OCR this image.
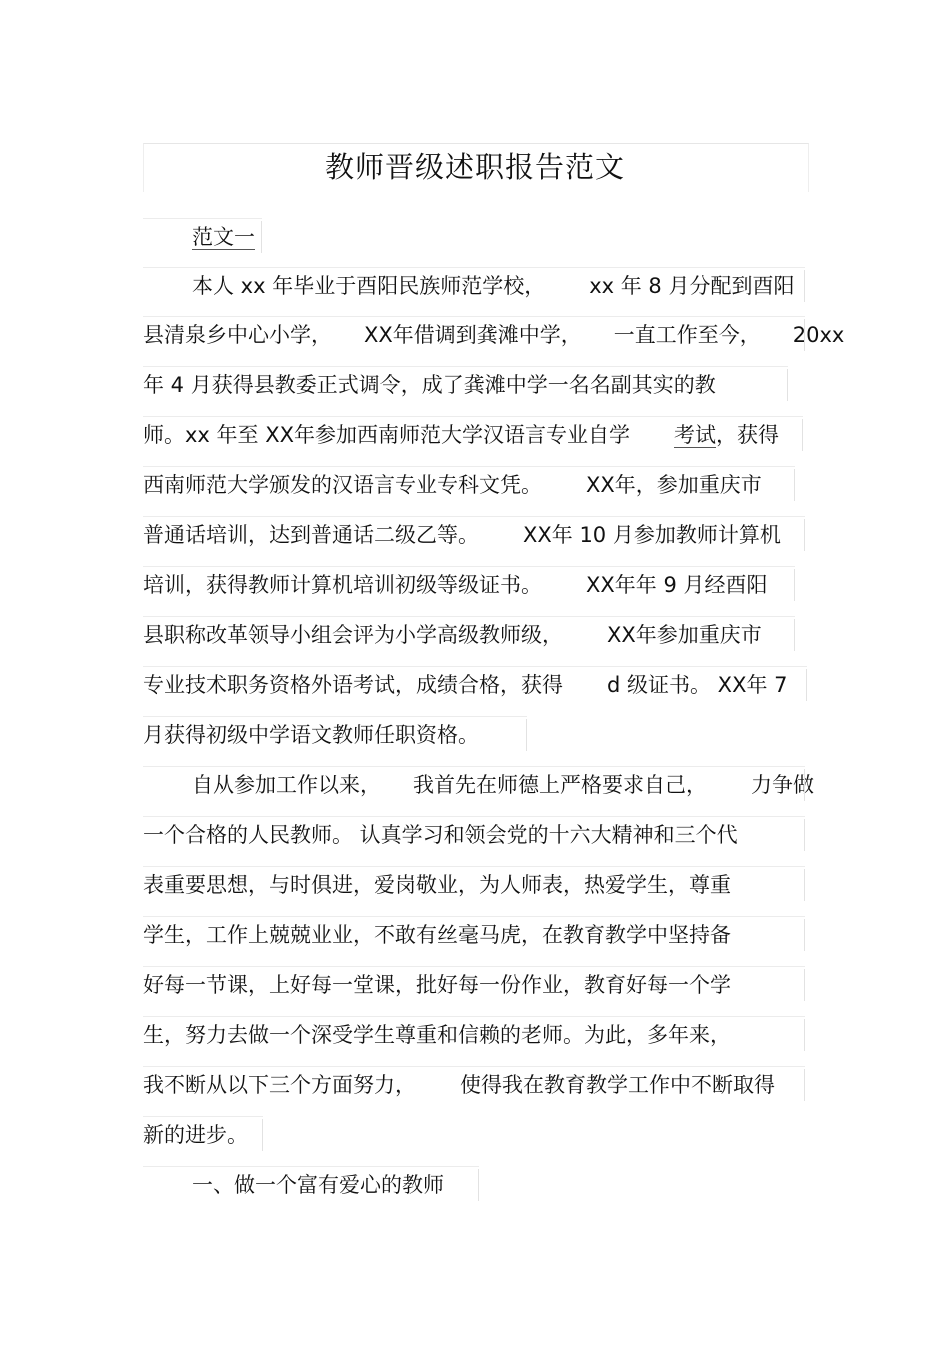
教师晋级述职报告范文
范文一
本人 xx 年毕业于酉阳民族师范学校， xx 年 8 月分配到酉阳
县清泉乡中心小学， XX年借调到龚滩中学， 一直工作至今， 20xx
年 4 月获得县教委正式调令，成了龚滩中学一名名副其实的教
师。xx 年至 XX年参加西南师范大学汉语言专业自学 考试，获得
西南师范大学颁发的汉语言专业专科文凭。 XX年，参加重庆市
普通话培训，达到普通话二级乙等。 XX年 10 月参加教师计算机
培训，获得教师计算机培训初级等级证书。 XX年年 9 月经酉阳
县职称改革领导小组会评为小学高级教师级， XX年参加重庆市
专业技术职务资格外语考试，成绩合格，获得 d 级证书。 XX年 7
月获得初级中学语文教师任职资格。
自从参加工作以来， 我首先在师德上严格要求自己， 力争做
一个合格的人民教师。 认真学习和领会党的十六大精神和三个代
表重要思想，与时俱进，爱岗敬业，为人师表，热爱学生，尊重
学生，工作上兢兢业业，不敢有丝毫马虎，在教育教学中坚持备
好每一节课，上好每一堂课，批好每一份作业，教育好每一个学
生，努力去做一个深受学生尊重和信赖的老师。为此，多年来，
我不断从以下三个方面努力， 使得我在教育教学工作中不断取得
新的进步。
一、做一个富有爱心的教师
